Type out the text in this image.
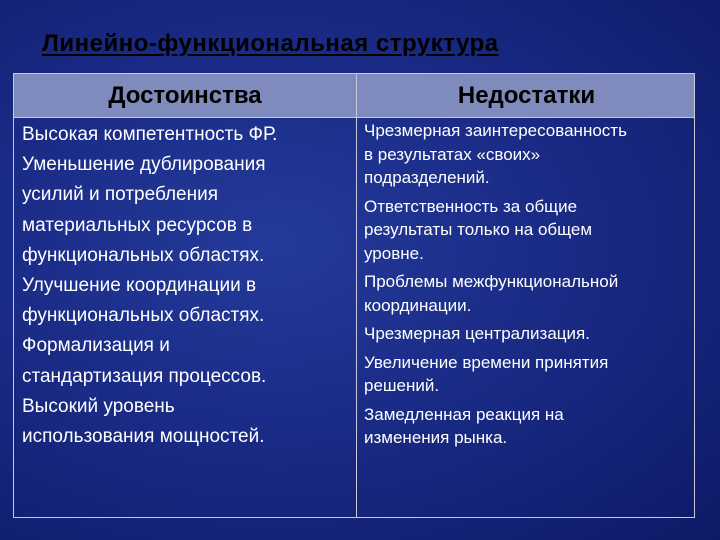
Линейно-функциональная структура
Достоинства	Недостатки
Высокая компетентность ФР.
Уменьшение дублирования
усилий и потребления
материальных ресурсов в
функциональных областях.
Улучшение координации в
функциональных областях.
Формализация и
стандартизация процессов.
Высокий уровень
использования мощностей.
Чрезмерная заинтересованность
в результатах «своих»
подразделений.
Ответственность за общие
результаты только на общем
уровне.
Проблемы межфункциональной
координации.
Чрезмерная централизация.
Увеличение времени принятия
решений.
Замедленная реакция на
изменения рынка.
